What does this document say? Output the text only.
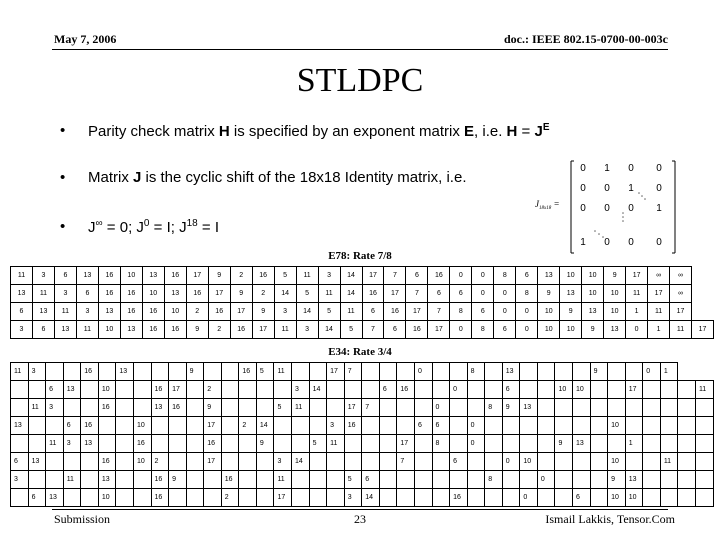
May 7, 2006	doc.: IEEE 802.15-0700-00-003c
STLDPC
• Parity check matrix H is specified by an exponent matrix E, i.e. $H = J^E$
• Matrix J is the cyclic shift of the 18x18 Identity matrix, i.e.
• J∞ = 0; $J^0 = I$; $J^{18} = I$
$J_{18x18}$ =
0 1 0 0
0 0 1 0
0 0 0 1
1 0 0 0
E78: Rate 7/8
11	3	6	13	16	10	13	16	17	9	2	16	5	11	3	14	17	7	6	16	0	0	8	6	13	10	10	9	17	∞	∞	
13	11	3	6	16	16	10	13	16	17	9	2	14	5	11	14	16	17	7	6	6	0	0	8	9	13	10	10	11	17	∞	
6	13	11	3	13	16	16	10	2	16	17	9	3	14	5	11	6	16	17	7	8	6	0	0	10	9	13	10	1	11	17	
3	6	13	11	10	13	16	16	9	2	16	17	11	3	14	5	7	6	16	17	0	8	6	0	10	10	9	13	0	1	11	17
E34: Rate 3/4
11	3			16		13				9			16	5	11			17	7				0			8		13					9			0	1		
		6	13		10			16	17		2					3	14				6	16			0			6			10	10			17				11
	11	3			16			13	16		9				5	11			17	7				0			8	9	13										
13			6	16			10				17		2	14				3	16				6	6		0								10					
		11	3	13			16				16			9			5	11				17		8		0					9	13			1				
6	13				16		10	2			17				3	14						7			6			0	10					10			11		
3			11		13			16	9			16			11				5	6							8			0				9	13				
	6	13			10			16				2			17				3	14					16				0			6		10	10				
Submission	23	Ismail Lakkis, Tensor.Com
